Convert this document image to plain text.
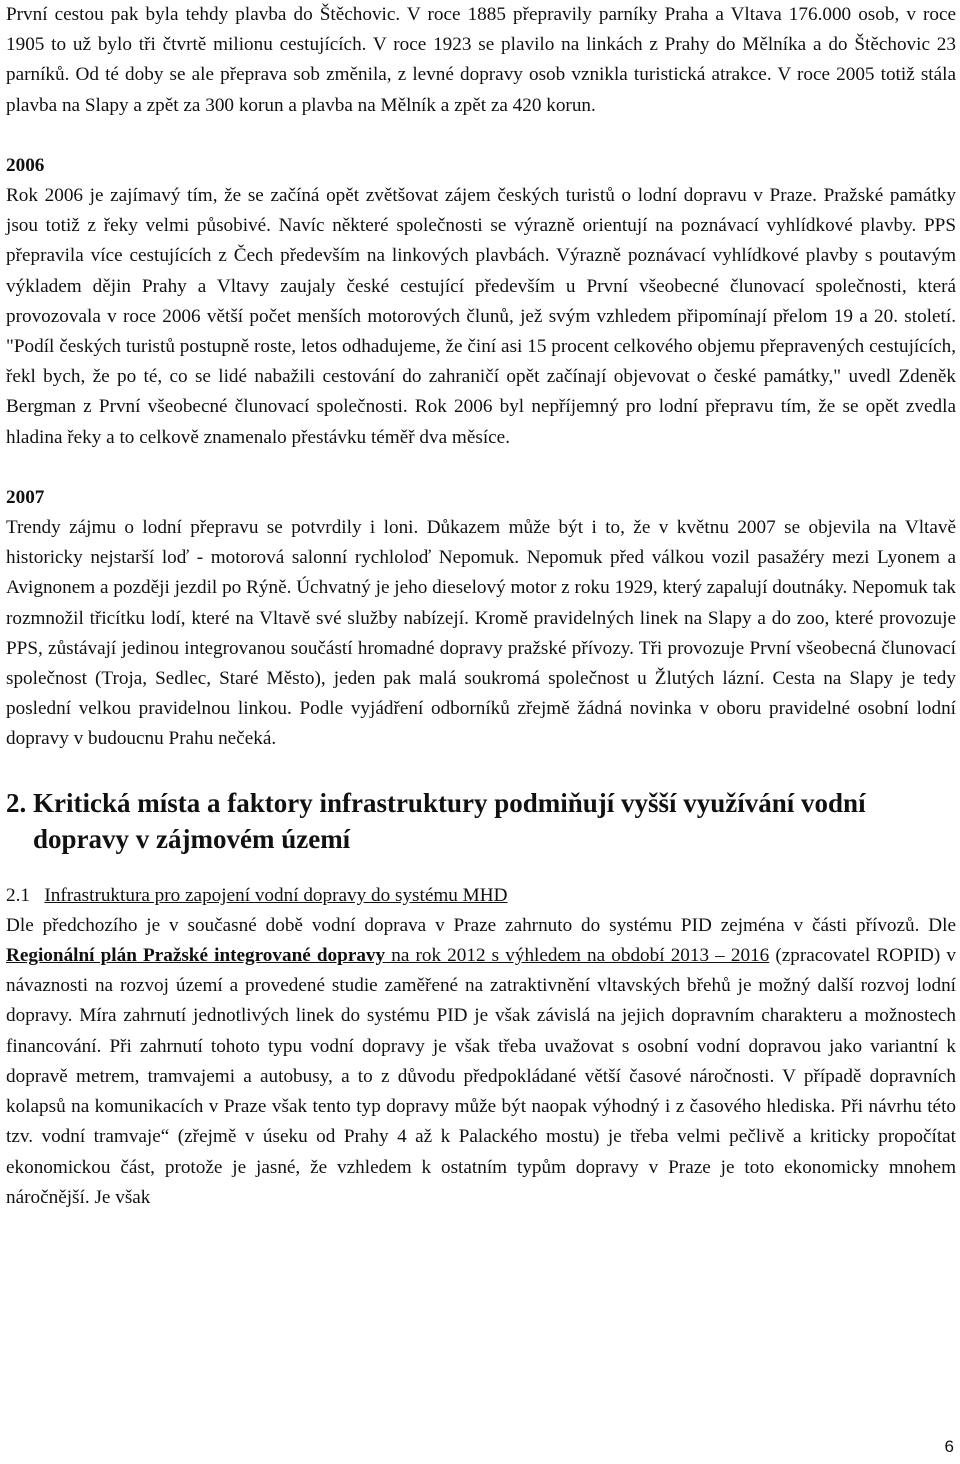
První cestou pak byla tehdy plavba do Štěchovic. V roce 1885 přepravily parníky Praha a Vltava 176.000 osob, v roce 1905 to už bylo tři čtvrtě milionu cestujících. V roce 1923 se plavilo na linkách z Prahy do Mělníka a do Štěchovic 23 parníků. Od té doby se ale přeprava sob změnila, z levné dopravy osob vznikla turistická atrakce. V roce 2005 totiž stála plavba na Slapy a zpět za 300 korun a plavba na Mělník a zpět za 420 korun.

2006

Rok 2006 je zajímavý tím, že se začíná opět zvětšovat zájem českých turistů o lodní dopravu v Praze. Pražské památky jsou totiž z řeky velmi působivé. Navíc některé společnosti se výrazně orientují na poznávací vyhlídkové plavby. PPS přepravila více cestujících z Čech především na linkových plavbách. Výrazně poznávací vyhlídkové plavby s poutavým výkladem dějin Prahy a Vltavy zaujaly české cestující především u První všeobecné člunovací společnosti, která provozovala v roce 2006 větší počet menších motorových člunů, jež svým vzhledem připomínají přelom 19 a 20. století. "Podíl českých turistů postupně roste, letos odhadujeme, že činí asi 15 procent celkového objemu přepravených cestujících, řekl bych, že po té, co se lidé nabažili cestování do zahraničí opět začínají objevovat o české památky," uvedl Zdeněk Bergman z První všeobecné člunovací společnosti. Rok 2006 byl nepříjemný pro lodní přepravu tím, že se opět zvedla hladina řeky a to celkově znamenalo přestávku téměř dva měsíce.

2007

Trendy zájmu o lodní přepravu se potvrdily i loni. Důkazem může být i to, že v květnu 2007 se objevila na Vltavě historicky nejstarší loď - motorová salonní rychloloď Nepomuk. Nepomuk před válkou vozil pasažéry mezi Lyonem a Avignonem a později jezdil po Rýně. Úchvatný je jeho dieselový motor z roku 1929, který zapalují doutnáky. Nepomuk tak rozmnožil třicítku lodí, které na Vltavě své služby nabízejí. Kromě pravidelných linek na Slapy a do zoo, které provozuje PPS, zůstávají jedinou integrovanou součástí hromadné dopravy pražské přívozy. Tři provozuje První všeobecná člunovací společnost (Troja, Sedlec, Staré Město), jeden pak malá soukromá společnost u Žlutých lázní. Cesta na Slapy je tedy poslední velkou pravidelnou linkou. Podle vyjádření odborníků zřejmě žádná novinka v oboru pravidelné osobní lodní dopravy v budoucnu Prahu nečeká.

2. Kritická místa a faktory infrastruktury podmiňují vyšší využívání vodní dopravy v zájmovém území

2.1 Infrastruktura pro zapojení vodní dopravy do systému MHD

Dle předchozího je v současné době vodní doprava v Praze zahrnuto do systému PID zejména v části přívozů. Dle Regionální plán Pražské integrované dopravy na rok 2012 s výhledem na období 2013 – 2016 (zpracovatel ROPID) v návaznosti na rozvoj území a provedené studie zaměřené na zatraktivnění vltavských břehů je možný další rozvoj lodní dopravy. Míra zahrnutí jednotlivých linek do systému PID je však závislá na jejich dopravním charakteru a možnostech financování. Při zahrnutí tohoto typu vodní dopravy je však třeba uvažovat s osobní vodní dopravou jako variantní k dopravě metrem, tramvajemi a autobusy, a to z důvodu předpokládané větší časové náročnosti. V případě dopravních kolapsů na komunikacích v Praze však tento typ dopravy může být naopak výhodný i z časového hlediska. Při návrhu této tzv. vodní tramvaje“ (zřejmě v úseku od Prahy 4 až k Palackého mostu) je třeba velmi pečlivě a kriticky propočítat ekonomickou část, protože je jasné, že vzhledem k ostatním typům dopravy v Praze je toto ekonomicky mnohem náročnější. Je však

6
